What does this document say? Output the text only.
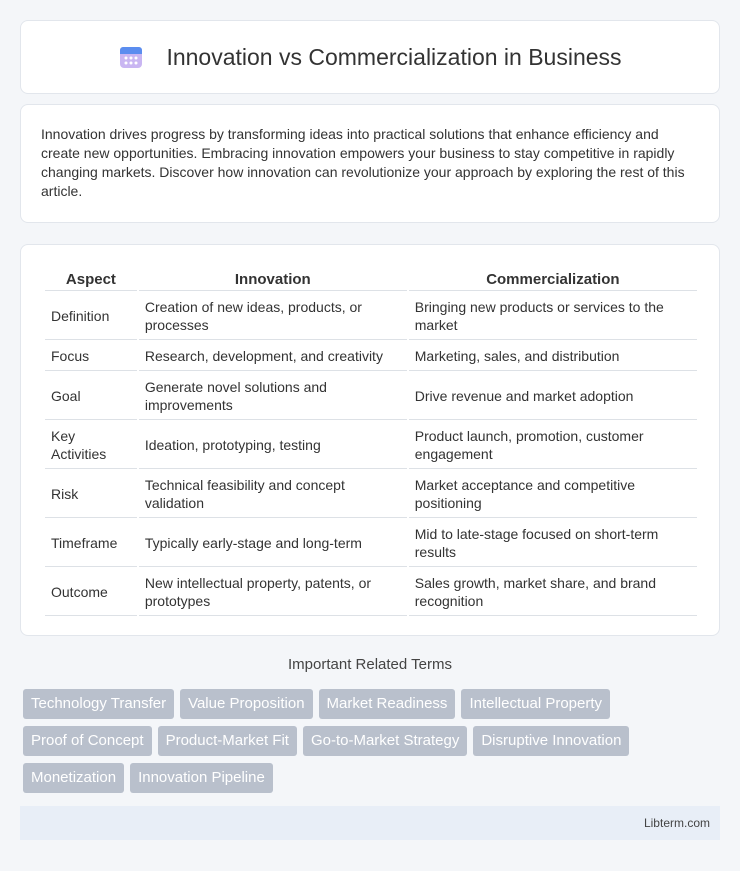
Innovation vs Commercialization in Business

Innovation drives progress by transforming ideas into practical solutions that enhance efficiency and create new opportunities. Embracing innovation empowers your business to stay competitive in rapidly changing markets. Discover how innovation can revolutionize your approach by exploring the rest of this article.

Aspect	Innovation	Commercialization
Definition	Creation of new ideas, products, or processes	Bringing new products or services to the market
Focus	Research, development, and creativity	Marketing, sales, and distribution
Goal	Generate novel solutions and improvements	Drive revenue and market adoption
Key Activities	Ideation, prototyping, testing	Product launch, promotion, customer engagement
Risk	Technical feasibility and concept validation	Market acceptance and competitive positioning
Timeframe	Typically early-stage and long-term	Mid to late-stage focused on short-term results
Outcome	New intellectual property, patents, or prototypes	Sales growth, market share, and brand recognition
Important Related Terms
Technology Transfer	Value Proposition	Market Readiness	Intellectual Property
Proof of Concept	Product-Market Fit	Go-to-Market Strategy	Disruptive Innovation
Monetization	Innovation Pipeline
Libterm.com
